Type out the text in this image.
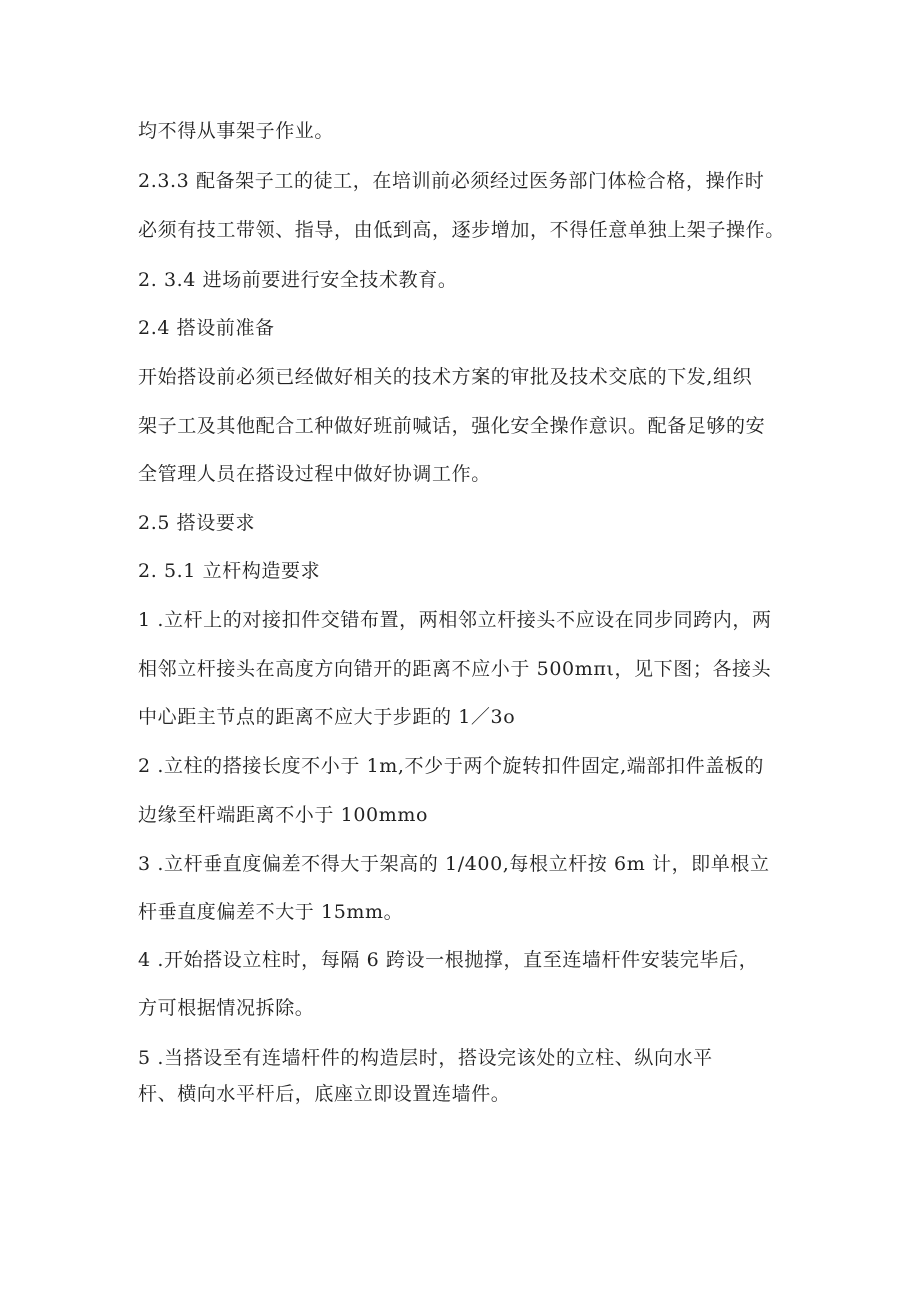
均不得从事架子作业。
2.3.3 配备架子工的徒工，在培训前必须经过医务部门体检合格，操作时
必须有技工带领、指导，由低到高，逐步增加，不得任意单独上架子操作。
2. 3.4 进场前要进行安全技术教育。
2.4 搭设前准备
开始搭设前必须已经做好相关的技术方案的审批及技术交底的下发,组织
架子工及其他配合工种做好班前喊话，强化安全操作意识。配备足够的安
全管理人员在搭设过程中做好协调工作。
2.5 搭设要求
2. 5.1 立杆构造要求
1 .立杆上的对接扣件交错布置，两相邻立杆接头不应设在同步同跨内，两
相邻立杆接头在高度方向错开的距离不应小于 500mπι，见下图；各接头
中心距主节点的距离不应大于步距的 1／3o
2 .立柱的搭接长度不小于 1m,不少于两个旋转扣件固定,端部扣件盖板的
边缘至杆端距离不小于 100mmo
3 .立杆垂直度偏差不得大于架高的 1/400,每根立杆按 6m 计，即单根立
杆垂直度偏差不大于 15mm。
4 .开始搭设立柱时，每隔 6 跨设一根抛撑，直至连墙杆件安装完毕后，
方可根据情况拆除。
5 .当搭设至有连墙杆件的构造层时，搭设完该处的立柱、纵向水平
杆、横向水平杆后，底座立即设置连墙件。
